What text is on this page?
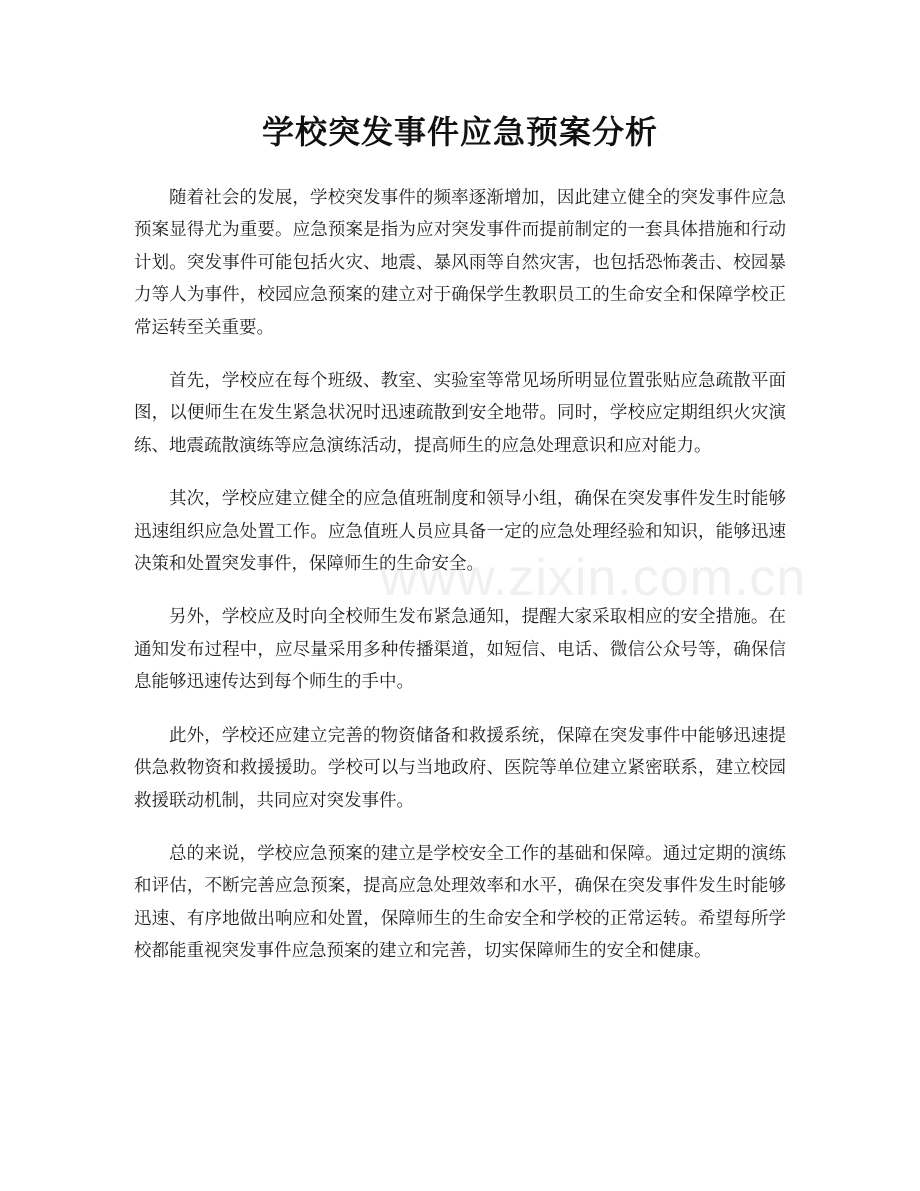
学校突发事件应急预案分析

随着社会的发展，学校突发事件的频率逐渐增加，因此建立健全的突发事件应急预案显得尤为重要。应急预案是指为应对突发事件而提前制定的一套具体措施和行动计划。突发事件可能包括火灾、地震、暴风雨等自然灾害，也包括恐怖袭击、校园暴力等人为事件，校园应急预案的建立对于确保学生教职员工的生命安全和保障学校正常运转至关重要。

首先，学校应在每个班级、教室、实验室等常见场所明显位置张贴应急疏散平面图，以便师生在发生紧急状况时迅速疏散到安全地带。同时，学校应定期组织火灾演练、地震疏散演练等应急演练活动，提高师生的应急处理意识和应对能力。

其次，学校应建立健全的应急值班制度和领导小组，确保在突发事件发生时能够迅速组织应急处置工作。应急值班人员应具备一定的应急处理经验和知识，能够迅速决策和处置突发事件，保障师生的生命安全。

另外，学校应及时向全校师生发布紧急通知，提醒大家采取相应的安全措施。在通知发布过程中，应尽量采用多种传播渠道，如短信、电话、微信公众号等，确保信息能够迅速传达到每个师生的手中。

此外，学校还应建立完善的物资储备和救援系统，保障在突发事件中能够迅速提供急救物资和救援援助。学校可以与当地政府、医院等单位建立紧密联系，建立校园救援联动机制，共同应对突发事件。

总的来说，学校应急预案的建立是学校安全工作的基础和保障。通过定期的演练和评估，不断完善应急预案，提高应急处理效率和水平，确保在突发事件发生时能够迅速、有序地做出响应和处置，保障师生的生命安全和学校的正常运转。希望每所学校都能重视突发事件应急预案的建立和完善，切实保障师生的安全和健康。

www.zixin.com.cn
